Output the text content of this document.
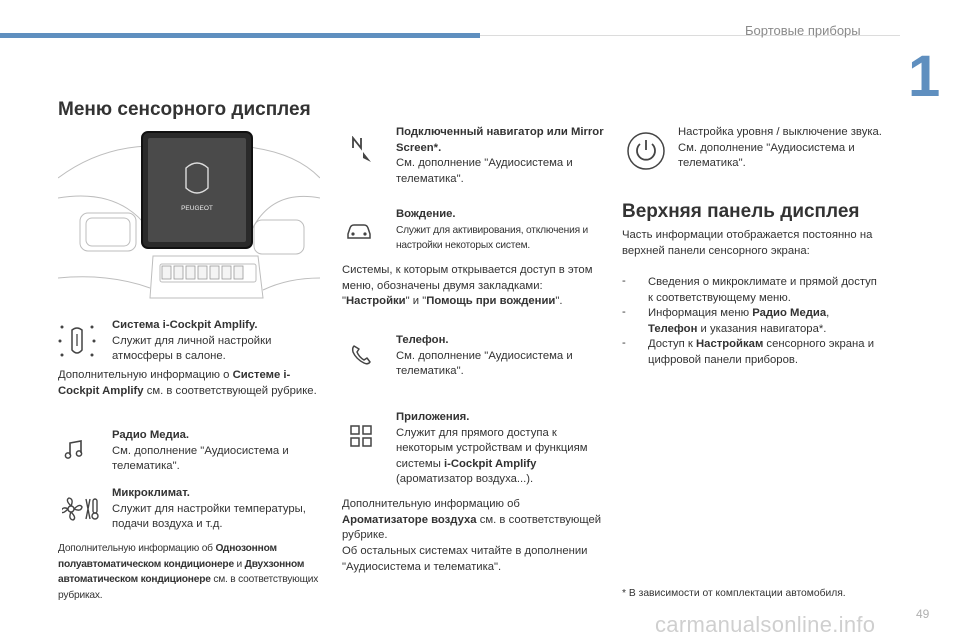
Бортовые приборы
1
Меню сенсорного дисплея
PEUGEOT
Система i-Cockpit Amplify.
Служит для личной настройки атмосферы в салоне.
Дополнительную информацию о Системе i-Cockpit Amplify см. в соответствующей рубрике.
Радио Медиа.
См. дополнение "Аудиосистема и телематика".
Микроклимат.
Служит для настройки температуры, подачи воздуха и т.д.
Дополнительную информацию об Однозонном полуавтоматическом кондиционере и Двухзонном автоматическом кондиционере см. в соответствующих рубриках.
Подключенный навигатор или Mirror Screen*.
См. дополнение "Аудиосистема и телематика".
Вождение.
Служит для активирования, отключения и настройки некоторых систем.
Системы, к которым открывается доступ в этом меню, обозначены двумя закладками: "Настройки" и "Помощь при вождении".
Телефон.
См. дополнение "Аудиосистема и телематика".
Приложения.
Служит для прямого доступа к некоторым устройствам и функциям системы i-Cockpit Amplify (ароматизатор воздуха...).
Дополнительную информацию об Ароматизаторе воздуха см. в соответствующей рубрике.
Об остальных системах читайте в дополнении "Аудиосистема и телематика".
Настройка уровня / выключение звука. См. дополнение "Аудиосистема и телематика".
Верхняя панель дисплея
Часть информации отображается постоянно на верхней панели сенсорного экрана:
- Сведения о микроклимате и прямой доступ к соответствующему меню.
- Информация меню Радио Медиа, Телефон и указания навигатора*.
- Доступ к Настройкам сенсорного экрана и цифровой панели приборов.
* В зависимости от комплектации автомобиля.
carmanualsonline.info	49
